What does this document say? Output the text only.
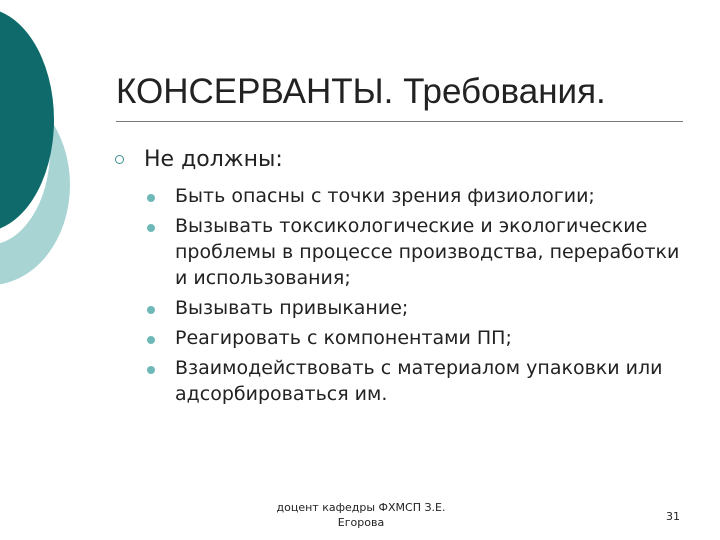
КОНСЕРВАНТЫ. Требования.
Не должны:
Быть опасны с точки зрения физиологии;
Вызывать токсикологические и экологические проблемы в процессе производства, переработки и использования;
Вызывать привыкание;
Реагировать с компонентами ПП;
Взаимодействовать с материалом упаковки или адсорбироваться им.
доцент кафедры ФХМСП З.Е.
Егорова	31
